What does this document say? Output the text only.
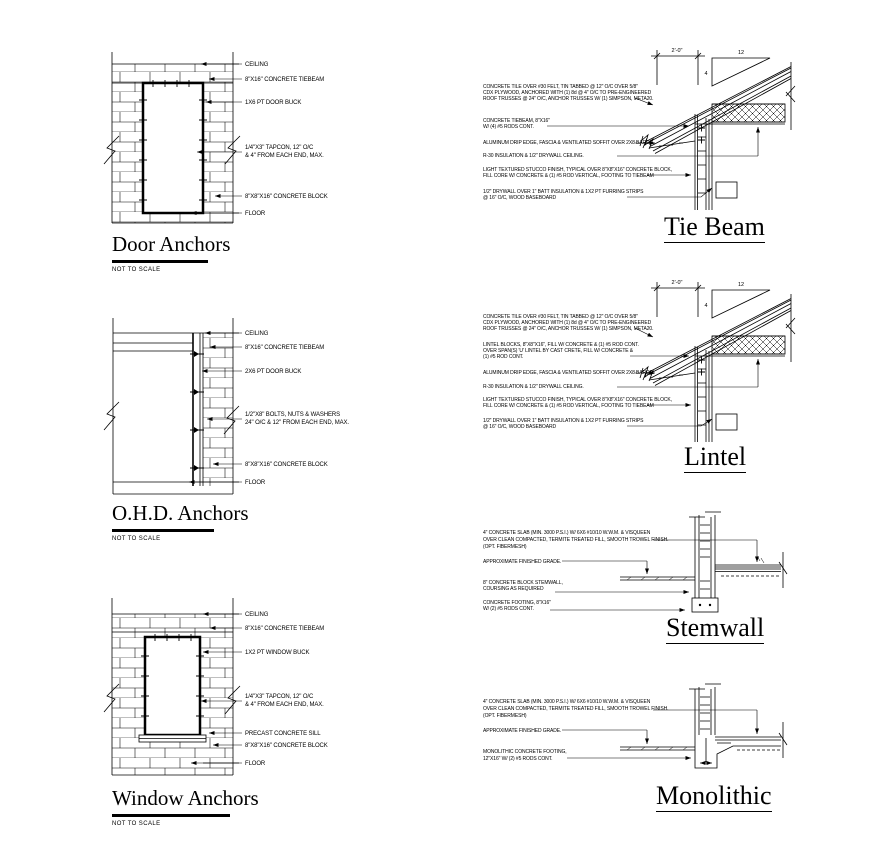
CEILING
8"X16" CONCRETE TIEBEAM
1X6 PT DOOR BUCK
1/4"X3" TAPCON, 12" O/C
& 4" FROM EACH END, MAX.
8"X8"X16" CONCRETE BLOCK
FLOOR
Door Anchors
NOT TO SCALE
CEILING
8"X16" CONCRETE TIEBEAM
2X6 PT DOOR BUCK
1/2"X8" BOLTS, NUTS & WASHERS
24" O/C & 12" FROM EACH END, MAX.
8"X8"X16" CONCRETE BLOCK
FLOOR
O.H.D. Anchors
NOT TO SCALE
CEILING
8"X16" CONCRETE TIEBEAM
1X2 PT WINDOW BUCK
1/4"X3" TAPCON, 12" O/C
& 4" FROM EACH END, MAX.
PRECAST CONCRETE SILL
8"X8"X16" CONCRETE BLOCK
FLOOR
Window Anchors
NOT TO SCALE
2'-0"	12
4
CONCRETE TILE OVER #30 FELT, TIN TABBED @ 12" O/C OVER 5/8"
CDX PLYWOOD, ANCHORED WITH (1) 8d @ 4" O/C TO PRE-ENGINEERED
ROOF TRUSSES @ 24" O/C, ANCHOR TRUSSES W/ (1) SIMPSON, META20.
CONCRETE TIEBEAM, 8"X16"
W/ (4) #5 RODS CONT.
ALUMINUM DRIP EDGE, FASCIA & VENTILATED SOFFIT OVER 2X8 BARGE.
R-30 INSULATION & 1/2" DRYWALL CEILING.
LIGHT TEXTURED STUCCO FINISH, TYPICAL OVER 8"X8"X16" CONCRETE BLOCK,
FILL CORE W/ CONCRETE & (1) #5 ROD VERTICAL, FOOTING TO TIEBEAM
1/2" DRYWALL OVER 1" BATT INSULATION & 1X2 PT FURRING STRIPS
@ 16" O/C, WOOD BASEBOARD
Tie Beam
2'-0"	12
4
CONCRETE TILE OVER #30 FELT, TIN TABBED @ 12" O/C OVER 5/8"
CDX PLYWOOD, ANCHORED WITH (1) 8d @ 4" O/C TO PRE-ENGINEERED
ROOF TRUSSES @ 24" O/C, ANCHOR TRUSSES W/ (1) SIMPSON, META20.
LINTEL BLOCKS, 8"X8"X16", FILL W/ CONCRETE & (1) #5 ROD CONT.
OVER SPAN(S) 'U' LINTEL BY CAST CRETE, FILL W/ CONCRETE &
(1) #5 ROD CONT.
ALUMINUM DRIP EDGE, FASCIA & VENTILATED SOFFIT OVER 2X8 BARGE.
R-30 INSULATION & 1/2" DRYWALL CEILING.
LIGHT TEXTURED STUCCO FINISH, TYPICAL OVER 8"X8"X16" CONCRETE BLOCK,
FILL CORE W/ CONCRETE & (1) #5 ROD VERTICAL, FOOTING TO TIEBEAM
1/2" DRYWALL OVER 1" BATT INSULATION & 1X2 PT FURRING STRIPS
@ 16" O/C, WOOD BASEBOARD
Lintel
4" CONCRETE SLAB (MIN. 3000 P.S.I.) W/ 6X6 #10/10 W.W.M. & VISQUEEN
OVER CLEAN COMPACTED, TERMITE TREATED FILL, SMOOTH TROWEL FINISH.
(OPT. FIBERMESH)
APPROXIMATE FINISHED GRADE.
8" CONCRETE BLOCK STEMWALL,
COURSING AS REQUIRED
CONCRETE FOOTING, 8"X16"
W/ (2) #5 RODS CONT.
Stemwall
4" CONCRETE SLAB (MIN. 3000 P.S.I.) W/ 6X6 #10/10 W.W.M. & VISQUEEN
OVER CLEAN COMPACTED, TERMITE TREATED FILL, SMOOTH TROWEL FINISH.
(OPT. FIBERMESH)
APPROXIMATE FINISHED GRADE.
MONOLITHIC CONCRETE FOOTING,
12"X16" W/ (2) #5 RODS CONT.
Monolithic
